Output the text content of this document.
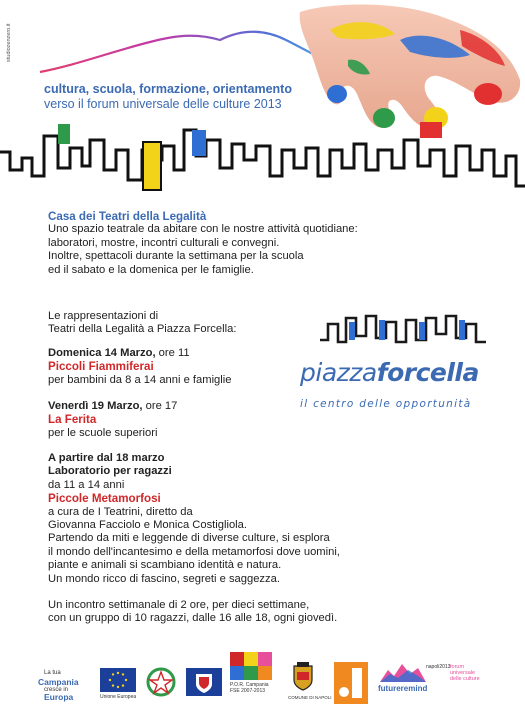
studiozenzero.it
cultura, scuola, formazione, orientamento
verso il forum universale delle culture 2013
Casa dei Teatri della Legalità
Uno spazio teatrale da abitare con le nostre attività quotidiane:
laboratori, mostre, incontri culturali e convegni.
Inoltre, spettacoli durante la settimana per la scuola
ed il sabato e la domenica per le famiglie.
Le rappresentazioni di
Teatri della Legalità a Piazza Forcella:
Domenica 14 Marzo, ore 11
Piccoli Fiammiferai
per bambini da 8 a 14 anni e famiglie
Venerdì 19 Marzo, ore 17
La Ferita
per le scuole superiori
A partire dal 18 marzo
Laboratorio per ragazzi
da 11 a 14 anni
Piccole Metamorfosi
a cura de I Teatrini, diretto da
Giovanna Facciolo e Monica Costigliola.
Partendo da miti e leggende di diverse culture, si esplora
il mondo dell'incantesimo e della metamorfosi dove uomini,
piante e animali si scambiano identità e natura.
Un mondo ricco di fascino, segreti e saggezza.
Un incontro settimanale di 2 ore, per dieci settimane,
con un gruppo di 10 ragazzi, dalle 16 alle 18, ogni giovedì.
piazzaforcella
il centro delle opportunità
La tua
Campania
cresce in
Europa	Unione Europea
P.O.R. Campania FSE 2007-2013
COMUNE DI NAPOLI
futureremind
napoli2013 forum universale delle culture
